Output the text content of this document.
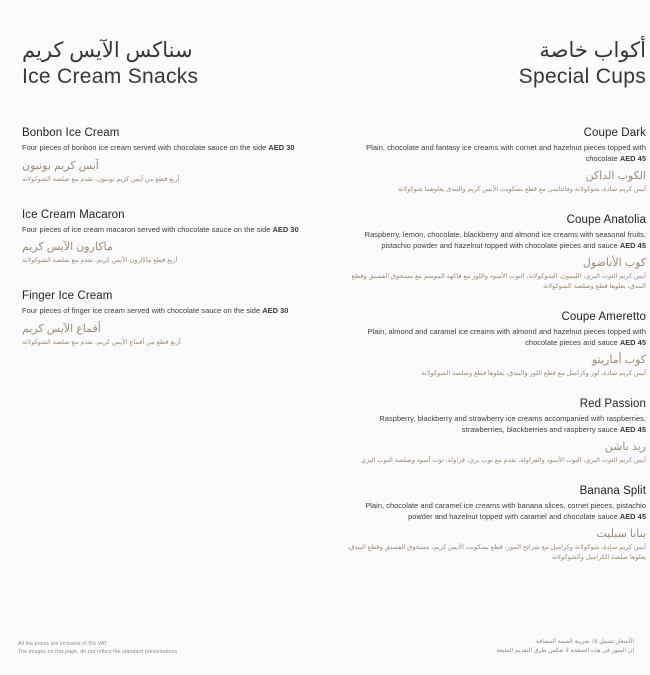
سناكس الآيس كريم
Ice Cream Snacks
Bonbon Ice Cream
Four pieces of bonbon ice cream served with chocolate sauce on the side AED 30
آيس كريم بونبون
أربع قطع من آيس كريم بونبون، تقدم مع صلصة الشوكولاتة
Ice Cream Macaron
Four pieces of ice cream macaron served with chocolate sauce on the side AED 30
ماكارون الآيس كريم
أربع قطع ماكارون الآيس كريم، تقدم مع صلصة الشوكولاتة
Finger Ice Cream
Four pieces of finger ice cream served with chocolate sauce on the side AED 30
أقماع الآيس كريم
أربع قطع من أقماع الآيس كريم، تقدم مع صلصة الشوكولاتة
أكواب خاصة
Special Cups
Coupe Dark
Plain, chocolate and fantasy ice creams with cornet and hazelnut pieces topped with chocolate AED 45
الكوب الداكن
آيس كريم سادة، شوكولاتة وفانتاسي مع قطع بسكويت الآيس كريم والبندق يعلوهما شوكولاتة
Coupe Anatolia
Raspberry, lemon, chocolate, blackberry and almond ice creams with seasonal fruits, pistachio powder and hazelnut topped with chocolate pieces and sauce AED 45
كوب الأناضول
آيس كريم التوت البري، الليمون، الشوكولاتة، التوت الأسود واللوز مع فاكهة الموسم مع مسحوق الفستق وقطع البندق، يعلوها قطع وصلصة الشوكولاتة
Coupe Ameretto
Plain, almond and caramel ice creams with almond and hazelnut pieces topped with chocolate pieces and sauce AED 45
كوب أماريتو
آيس كريم سادة، لوز وكراميل مع قطع اللوز والبندق، يعلوها قطع وصلصة الشوكولاتة
Red Passion
Raspberry, blackberry and strawberry ice creams accompanied with raspberries, strawberries, blackberries and raspberry sauce AED 45
ريد باشن
آيس كريم التوت البري، التوت الأسود والفراولة، تقدم مع توت بري، فراولة، توت أسود وصلصة التوت البري
Banana Split
Plain, chocolate and caramel ice creams with banana slices, cornet pieces, pistachio powder and hazelnut topped with caramel and chocolate sauce AED 45
بنانا سبليت
آيس كريم سادة، شوكولاتة وكراميل مع شرائح الموز، قطع بسكويت الآيس كريم، مسحوق الفستق وقطع البندق، يعلوها صلصة الكراميل والشوكولاتة
All the prices are inclusive of 5% VAT
The images on this page, do not reflect the standard presentations
الأسعار تشمل ٥٪ ضريبة القيمة المضافة
إن الصور في هذه الصفحة لا تعكس طرق التقديم المتبعة
